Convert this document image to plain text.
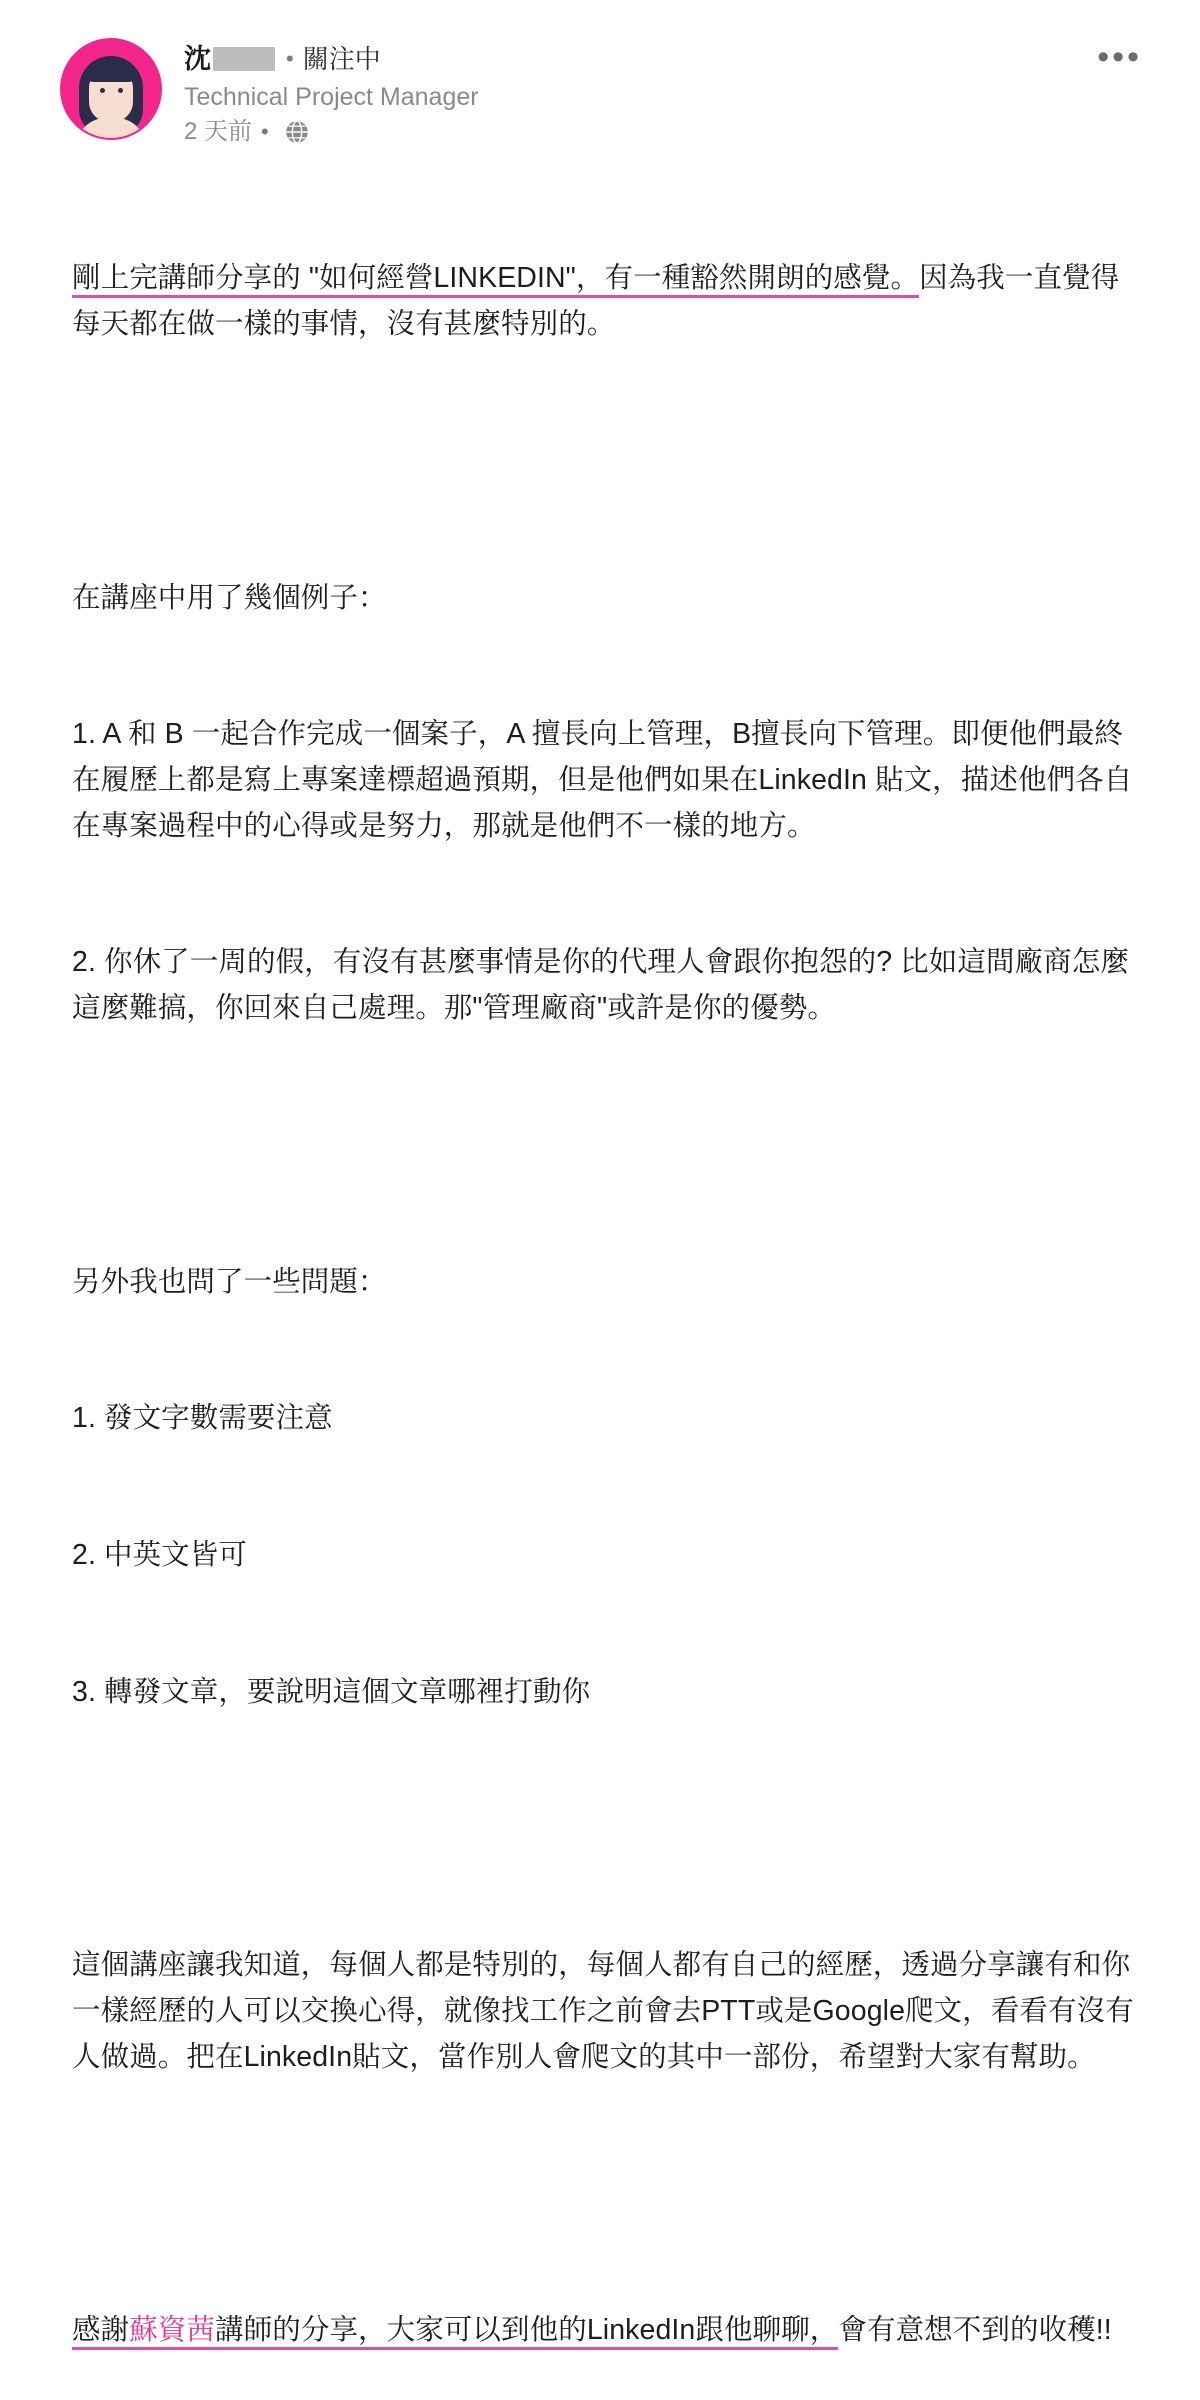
沈	• 關注中
Technical Project Manager
2 天前 •
•••

剛上完講師分享的 "如何經營LINKEDIN"，有一種豁然開朗的感覺。因為我一直覺得每天都在做一樣的事情，沒有甚麼特別的。

在講座中用了幾個例子：

1. A 和 B 一起合作完成一個案子，A 擅長向上管理，B擅長向下管理。即便他們最終在履歷上都是寫上專案達標超過預期，但是他們如果在LinkedIn 貼文，描述他們各自在專案過程中的心得或是努力，那就是他們不一樣的地方。

2. 你休了一周的假，有沒有甚麼事情是你的代理人會跟你抱怨的? 比如這間廠商怎麼這麼難搞，你回來自己處理。那"管理廠商"或許是你的優勢。

另外我也問了一些問題：

1. 發文字數需要注意

2. 中英文皆可

3. 轉發文章，要說明這個文章哪裡打動你

這個講座讓我知道，每個人都是特別的，每個人都有自己的經歷，透過分享讓有和你一樣經歷的人可以交換心得，就像找工作之前會去PTT或是Google爬文，看看有沒有人做過。把在LinkedIn貼文，當作別人會爬文的其中一部份，希望對大家有幫助。

感謝蘇資茜講師的分享，大家可以到他的LinkedIn跟他聊聊，會有意想不到的收穫!!
